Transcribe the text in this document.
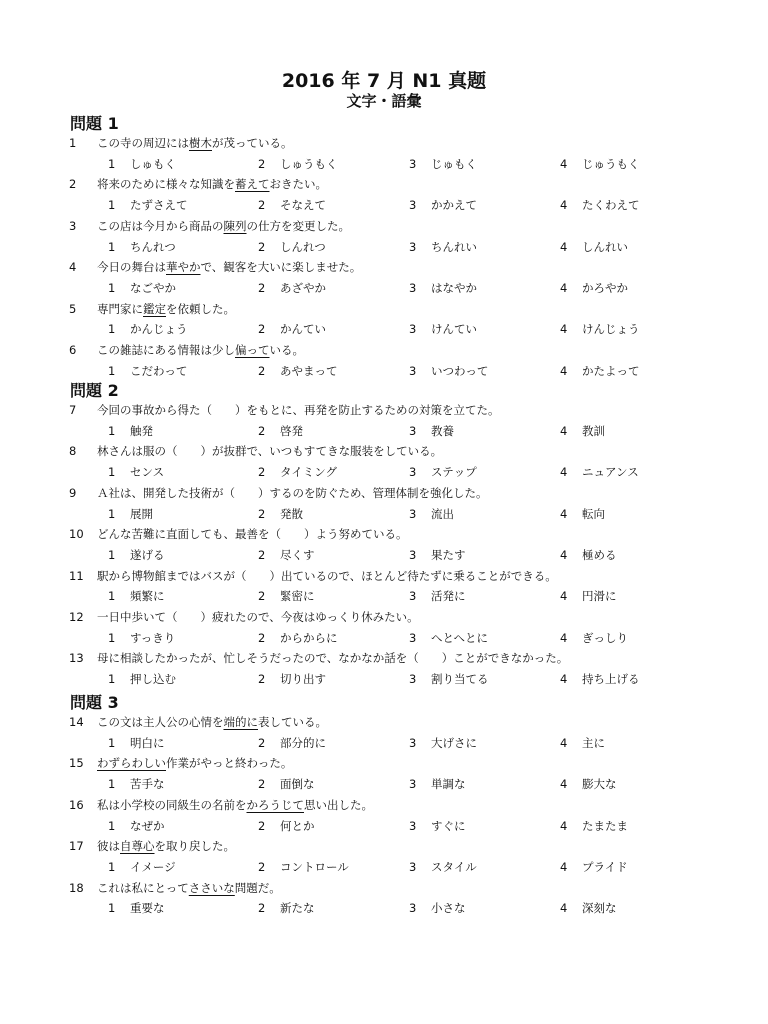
2016 年 7 月 N1 真题
文字・語彙
問題 1
1 この寺の周辺には樹木が茂っている。
1 しゅもく	2 しゅうもく	3 じゅもく	4 じゅうもく
2 将来のために様々な知識を蓄えておきたい。
1 たずさえて	2 そなえて	3 かかえて	4 たくわえて
3 この店は今月から商品の陳列の仕方を変更した。
1 ちんれつ	2 しんれつ	3 ちんれい	4 しんれい
4 今日の舞台は華やかで、観客を大いに楽しませた。
1 なごやか	2 あざやか	3 はなやか	4 かろやか
5 専門家に鑑定を依頼した。
1 かんじょう	2 かんてい	3 けんてい	4 けんじょう
6 この雑誌にある情報は少し偏っている。
1 こだわって	2 あやまって	3 いつわって	4 かたよって
問題 2
7 今回の事故から得た（　　）をもとに、再発を防止するための対策を立てた。
1 触発	2 啓発	3 教養	4 教訓
8 林さんは服の（　　）が抜群で、いつもすてきな服装をしている。
1 センス	2 タイミング	3 ステップ	4 ニュアンス
9 Ａ社は、開発した技術が（　　）するのを防ぐため、管理体制を強化した。
1 展開	2 発散	3 流出	4 転向
10 どんな苦難に直面しても、最善を（　　）よう努めている。
1 遂げる	2 尽くす	3 果たす	4 極める
11 駅から博物館まではバスが（　　）出ているので、ほとんど待たずに乗ることができる。
1 頻繁に	2 緊密に	3 活発に	4 円滑に
12 一日中歩いて（　　）疲れたので、今夜はゆっくり休みたい。
1 すっきり	2 からからに	3 へとへとに	4 ぎっしり
13 母に相談したかったが、忙しそうだったので、なかなか話を（　　）ことができなかった。
1 押し込む	2 切り出す	3 割り当てる	4 持ち上げる
問題 3
14 この文は主人公の心情を端的に表している。
1 明白に	2 部分的に	3 大げさに	4 主に
15 わずらわしい作業がやっと終わった。
1 苦手な	2 面倒な	3 単調な	4 膨大な
16 私は小学校の同級生の名前をかろうじて思い出した。
1 なぜか	2 何とか	3 すぐに	4 たまたま
17 彼は自尊心を取り戻した。
1 イメージ	2 コントロール	3 スタイル	4 プライド
18 これは私にとってささいな問題だ。
1 重要な	2 新たな	3 小さな	4 深刻な
